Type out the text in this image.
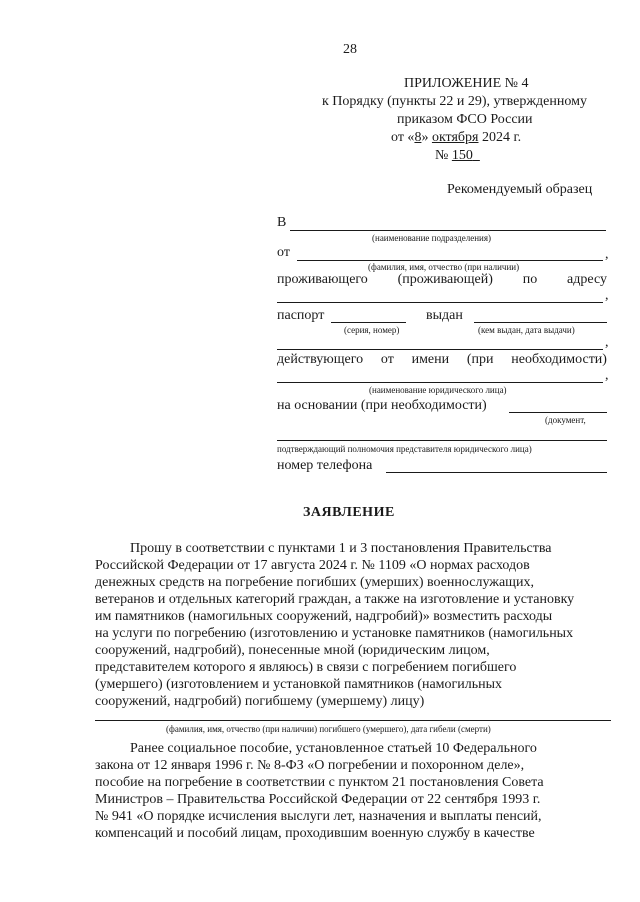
28
ПРИЛОЖЕНИЕ № 4
к Порядку (пункты 22 и 29), утвержденному
приказом ФСО России
от «8» октября 2024 г.
№ 150
Рекомендуемый образец
В
(наименование подразделения)
от	,
(фамилия, имя, отчество (при наличии)
проживающего (проживающей) по адресу
,
паспорт	выдан
(серия, номер)	(кем выдан, дата выдачи)
,
действующего от имени (при необходимости)
,
(наименование юридического лица)
на основании (при необходимости)
(документ,
подтверждающий полномочия представителя юридического лица)
номер телефона
ЗАЯВЛЕНИЕ
Прошу в соответствии с пунктами 1 и 3 постановления Правительства
Российской Федерации от 17 августа 2024 г. № 1109 «О нормах расходов
денежных средств на погребение погибших (умерших) военнослужащих,
ветеранов и отдельных категорий граждан, а также на изготовление и установку
им памятников (намогильных сооружений, надгробий)» возместить расходы
на услуги по погребению (изготовлению и установке памятников (намогильных
сооружений, надгробий), понесенные мной (юридическим лицом,
представителем которого я являюсь) в связи с погребением погибшего
(умершего) (изготовлением и установкой памятников (намогильных
сооружений, надгробий) погибшему (умершему) лицу)
(фамилия, имя, отчество (при наличии) погибшего (умершего), дата гибели (смерти)
Ранее социальное пособие, установленное статьей 10 Федерального
закона от 12 января 1996 г. № 8-ФЗ «О погребении и похоронном деле»,
пособие на погребение в соответствии с пунктом 21 постановления Совета
Министров – Правительства Российской Федерации от 22 сентября 1993 г.
№ 941 «О порядке исчисления выслуги лет, назначения и выплаты пенсий,
компенсаций и пособий лицам, проходившим военную службу в качестве
